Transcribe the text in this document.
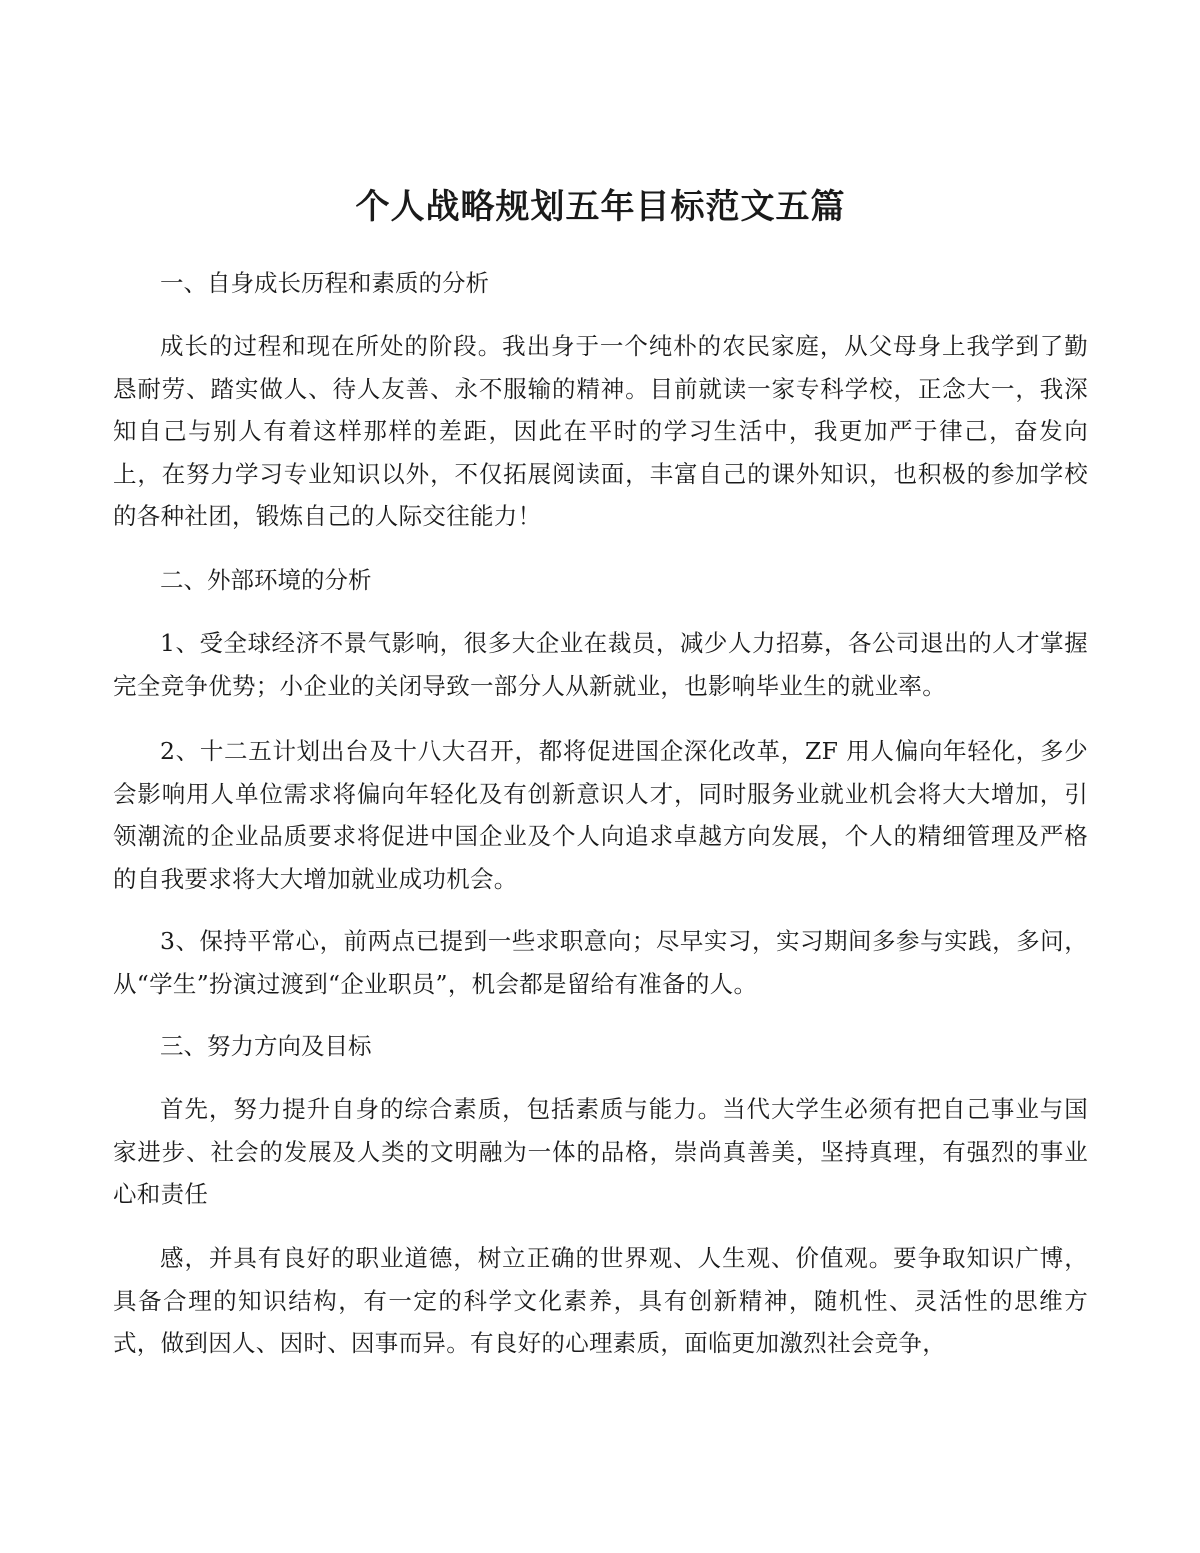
个人战略规划五年目标范文五篇

一、自身成长历程和素质的分析

成长的过程和现在所处的阶段。我出身于一个纯朴的农民家庭，从父母身上我学到了勤恳耐劳、踏实做人、待人友善、永不服输的精神。目前就读一家专科学校，正念大一，我深知自己与别人有着这样那样的差距，因此在平时的学习生活中，我更加严于律己，奋发向上，在努力学习专业知识以外，不仅拓展阅读面，丰富自己的课外知识，也积极的参加学校的各种社团，锻炼自己的人际交往能力！

二、外部环境的分析

1、受全球经济不景气影响，很多大企业在裁员，减少人力招募，各公司退出的人才掌握完全竞争优势；小企业的关闭导致一部分人从新就业，也影响毕业生的就业率。

2、十二五计划出台及十八大召开，都将促进国企深化改革，ZF 用人偏向年轻化，多少会影响用人单位需求将偏向年轻化及有创新意识人才，同时服务业就业机会将大大增加，引领潮流的企业品质要求将促进中国企业及个人向追求卓越方向发展，个人的精细管理及严格的自我要求将大大增加就业成功机会。

3、保持平常心，前两点已提到一些求职意向；尽早实习，实习期间多参与实践，多问，从“学生”扮演过渡到“企业职员”，机会都是留给有准备的人。

三、努力方向及目标

首先，努力提升自身的综合素质，包括素质与能力。当代大学生必须有把自己事业与国家进步、社会的发展及人类的文明融为一体的品格，崇尚真善美，坚持真理，有强烈的事业心和责任

感，并具有良好的职业道德，树立正确的世界观、人生观、价值观。要争取知识广博，具备合理的知识结构，有一定的科学文化素养，具有创新精神，随机性、灵活性的思维方式，做到因人、因时、因事而异。有良好的心理素质，面临更加激烈社会竞争，
